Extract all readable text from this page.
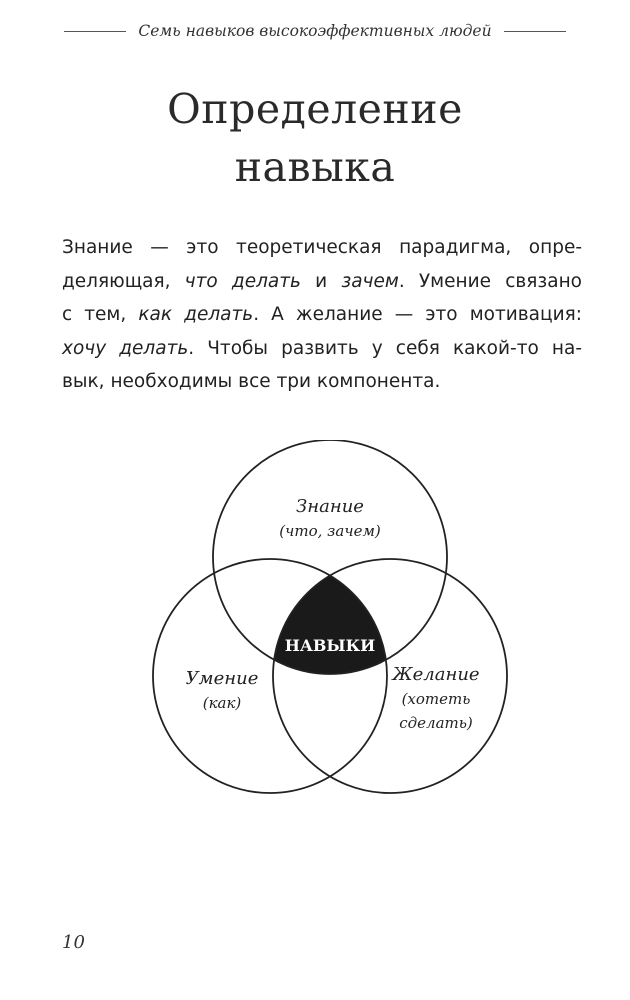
Семь навыков высокоэффективных людей
Определение
навыка
Знание — это теоретическая парадигма, опре-
деляющая, что делать и зачем. Умение связано
с тем, как делать. А желание — это мотивация:
хочу делать. Чтобы развить у себя какой-то на-
вык, необходимы все три компонента.
Знание
(что, зачем)
Умение
(как)
Желание
(хотеть
сделать)
НАВЫКИ
10
